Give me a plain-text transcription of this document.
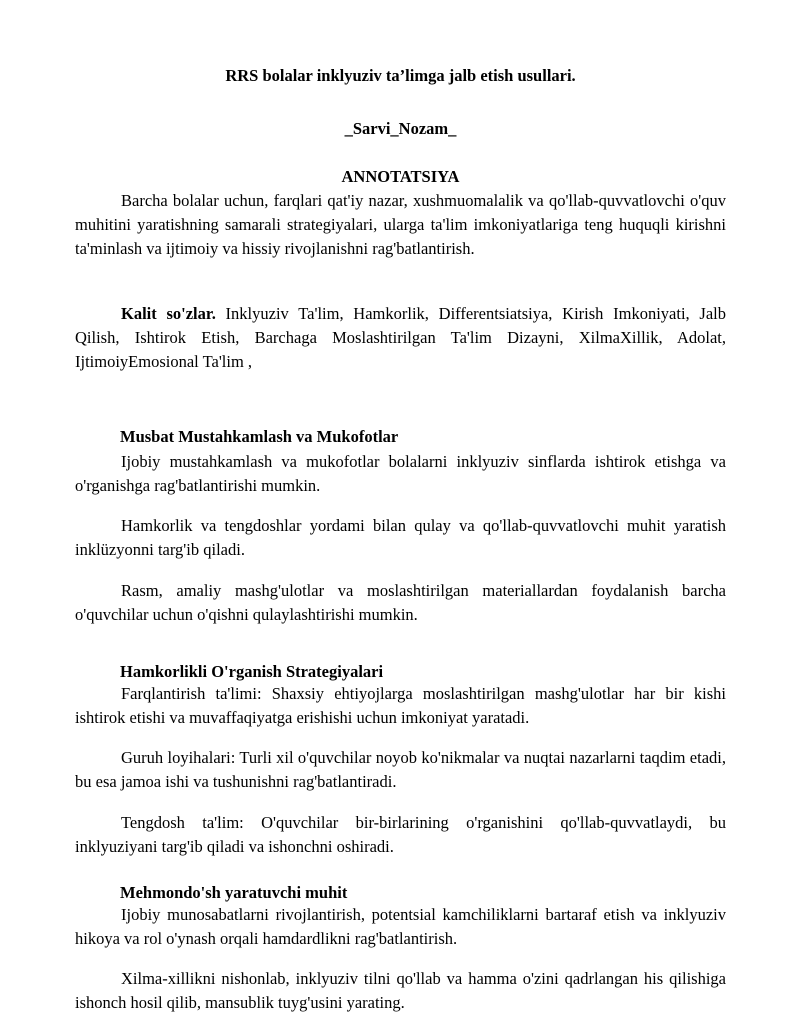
RRS bolalar inklyuziv ta’limga jalb etish usullari.
_Sarvi_Nozam_
ANNOTATSIYA

Barcha bolalar uchun, farqlari qat'iy nazar, xushmuomalalik va qo'llab-quvvatlovchi o'quv muhitini yaratishning samarali strategiyalari, ularga ta'lim imkoniyatlariga teng huquqli kirishni ta'minlash va ijtimoiy va hissiy rivojlanishni rag'batlantirish.

Kalit so'zlar. Inklyuziv Ta'lim, Hamkorlik, Differentsiatsiya, Kirish Imkoniyati, Jalb Qilish, Ishtirok Etish, Barchaga Moslashtirilgan Ta'lim Dizayni, XilmaXillik, Adolat, IjtimoiyEmosional Ta'lim ,

Musbat Mustahkamlash va Mukofotlar

Ijobiy mustahkamlash va mukofotlar bolalarni inklyuziv sinflarda ishtirok etishga va o'rganishga rag'batlantirishi mumkin.

Hamkorlik va tengdoshlar yordami bilan qulay va qo'llab-quvvatlovchi muhit yaratish inklüzyonni targ'ib qiladi.

Rasm, amaliy mashg'ulotlar va moslashtirilgan materiallardan foydalanish barcha o'quvchilar uchun o'qishni qulaylashtirishi mumkin.

Hamkorlikli O'rganish Strategiyalari

Farqlantirish ta'limi: Shaxsiy ehtiyojlarga moslashtirilgan mashg'ulotlar har bir kishi ishtirok etishi va muvaffaqiyatga erishishi uchun imkoniyat yaratadi.

Guruh loyihalari: Turli xil o'quvchilar noyob ko'nikmalar va nuqtai nazarlarni taqdim etadi, bu esa jamoa ishi va tushunishni rag'batlantiradi.

Tengdosh ta'lim: O'quvchilar bir-birlarining o'rganishini qo'llab-quvvatlaydi, bu inklyuziyani targ'ib qiladi va ishonchni oshiradi.

Mehmondo'sh yaratuvchi muhit

Ijobiy munosabatlarni rivojlantirish, potentsial kamchiliklarni bartaraf etish va inklyuziv hikoya va rol o'ynash orqali hamdardlikni rag'batlantirish.

Xilma-xillikni nishonlab, inklyuziv tilni qo'llab va hamma o'zini qadrlangan his qilishiga ishonch hosil qilib, mansublik tuyg'usini yarating.
